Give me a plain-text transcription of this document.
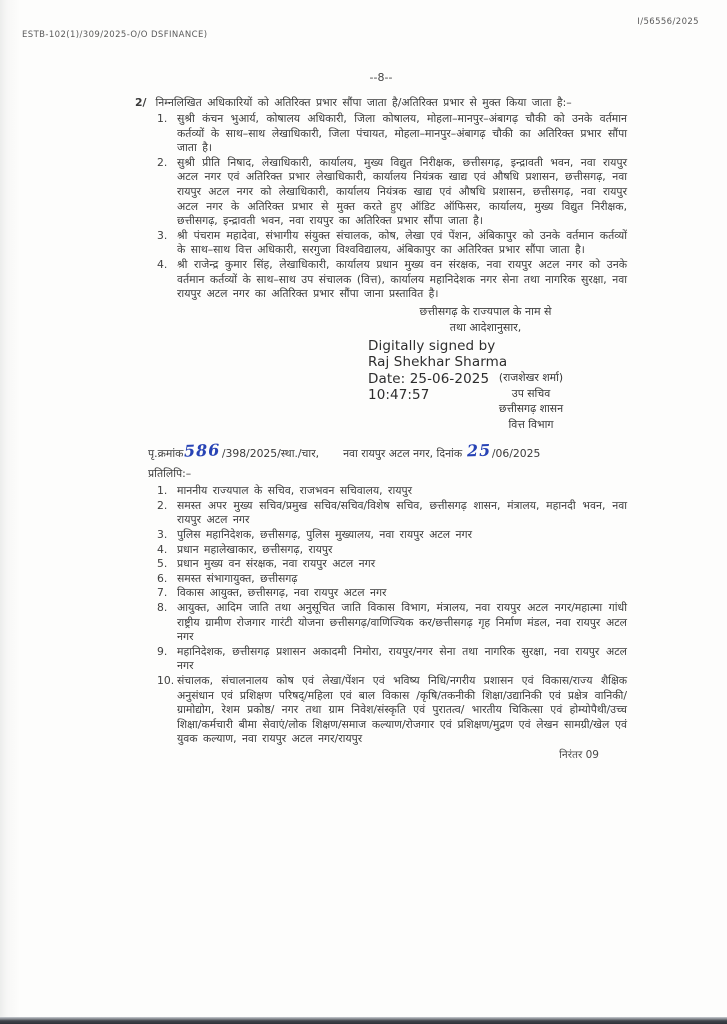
ESTB-102(1)/309/2025-O/O DSFINANCE)
I/56556/2025
--8--

2/ निम्नलिखित अधिकारियों को अतिरिक्त प्रभार सौंपा जाता है/अतिरिक्त प्रभार से मुक्त किया जाता है:–

1. सुश्री कंचन भुआर्य, कोषालय अधिकारी, जिला कोषालय, मोहला–मानपुर–अंबागढ़ चौकी को उनके वर्तमान कर्तव्यों के साथ–साथ लेखाधिकारी, जिला पंचायत, मोहला–मानपुर–अंबागढ़ चौकी का अतिरिक्त प्रभार सौंपा जाता है।
2. सुश्री प्रीति निषाद, लेखाधिकारी, कार्यालय, मुख्य विद्युत निरीक्षक, छत्तीसगढ़, इन्द्रावती भवन, नवा रायपुर अटल नगर एवं अतिरिक्त प्रभार लेखाधिकारी, कार्यालय नियंत्रक खाद्य एवं औषधि प्रशासन, छत्तीसगढ़, नवा रायपुर अटल नगर को लेखाधिकारी, कार्यालय नियंत्रक खाद्य एवं औषधि प्रशासन, छत्तीसगढ़, नवा रायपुर अटल नगर के अतिरिक्त प्रभार से मुक्त करते हुए ऑडिट ऑफिसर, कार्यालय, मुख्य विद्युत निरीक्षक, छत्तीसगढ़, इन्द्रावती भवन, नवा रायपुर का अतिरिक्त प्रभार सौंपा जाता है।
3. श्री पंचराम महादेवा, संभागीय संयुक्त संचालक, कोष, लेखा एवं पेंशन, अंबिकापुर को उनके वर्तमान कर्तव्यों के साथ–साथ वित्त अधिकारी, सरगुजा विश्वविद्यालय, अंबिकापुर का अतिरिक्त प्रभार सौंपा जाता है।
4. श्री राजेन्द्र कुमार सिंह, लेखाधिकारी, कार्यालय प्रधान मुख्य वन संरक्षक, नवा रायपुर अटल नगर को उनके वर्तमान कर्तव्यों के साथ–साथ उप संचालक (वित्त), कार्यालय महानिदेशक नगर सेना तथा नागरिक सुरक्षा, नवा रायपुर अटल नगर का अतिरिक्त प्रभार सौंपा जाना प्रस्तावित है।
छत्तीसगढ़ के राज्यपाल के नाम से
तथा आदेशानुसार,
Digitally signed by
Raj Shekhar Sharma
Date: 25-06-2025
10:47:57
(राजशेखर शर्मा)
उप सचिव
छत्तीसगढ़ शासन
वित्त विभाग
पृ.क्रमांक586/398/2025/स्था./चार, नवा रायपुर अटल नगर, दिनांक 25/06/2025
प्रतिलिपि:–
1. माननीय राज्यपाल के सचिव, राजभवन सचिवालय, रायपुर
2. समस्त अपर मुख्य सचिव/प्रमुख सचिव/सचिव/विशेष सचिव, छत्तीसगढ़ शासन, मंत्रालय, महानदी भवन, नवा रायपुर अटल नगर
3. पुलिस महानिदेशक, छत्तीसगढ़, पुलिस मुख्यालय, नवा रायपुर अटल नगर
4. प्रधान महालेखाकार, छत्तीसगढ़, रायपुर
5. प्रधान मुख्य वन संरक्षक, नवा रायपुर अटल नगर
6. समस्त संभागायुक्त, छत्तीसगढ़
7. विकास आयुक्त, छत्तीसगढ़, नवा रायपुर अटल नगर
8. आयुक्त, आदिम जाति तथा अनुसूचित जाति विकास विभाग, मंत्रालय, नवा रायपुर अटल नगर/महात्मा गांधी राष्ट्रीय ग्रामीण रोजगार गारंटी योजना छत्तीसगढ़/वाणिज्यिक कर/छत्तीसगढ़ गृह निर्माण मंडल, नवा रायपुर अटल नगर
9. महानिदेशक, छत्तीसगढ़ प्रशासन अकादमी निमोरा, रायपुर/नगर सेना तथा नागरिक सुरक्षा, नवा रायपुर अटल नगर
10. संचालक, संचालनालय कोष एवं लेखा/पेंशन एवं भविष्य निधि/नगरीय प्रशासन एवं विकास/राज्य शैक्षिक अनुसंधान एवं प्रशिक्षण परिषद्/महिला एवं बाल विकास /कृषि/तकनीकी शिक्षा/उद्यानिकी एवं प्रक्षेत्र वानिकी/ग्रामोद्योग, रेशम प्रकोष्ठ/ नगर तथा ग्राम निवेश/संस्कृति एवं पुरातत्व/ भारतीय चिकित्सा एवं होम्योपैथी/उच्च शिक्षा/कर्मचारी बीमा सेवाएं/लोक शिक्षण/समाज कल्याण/रोजगार एवं प्रशिक्षण/मुद्रण एवं लेखन सामग्री/खेल एवं युवक कल्याण, नवा रायपुर अटल नगर/रायपुर
निरंतर 09
